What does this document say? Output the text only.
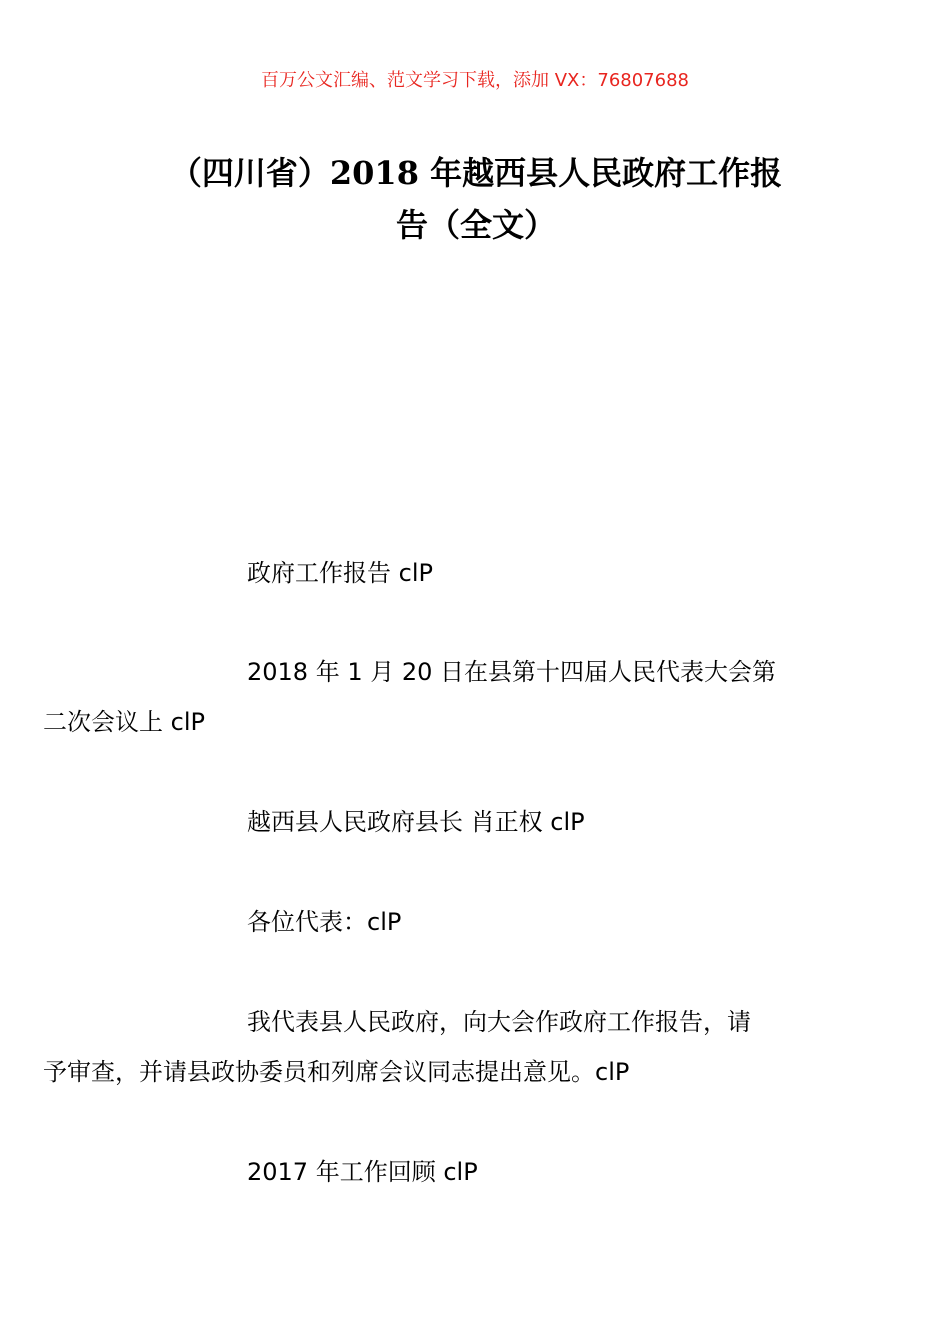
百万公文汇编、范文学习下载，添加 VX：76807688
（四川省）2018 年越西县人民政府工作报
告（全文）

政府工作报告 clP

2018 年 1 月 20 日在县第十四届人民代表大会第
二次会议上 clP

越西县人民政府县长 肖正权 clP

各位代表：clP

我代表县人民政府，向大会作政府工作报告，请
予审查，并请县政协委员和列席会议同志提出意见。clP

2017 年工作回顾 clP
